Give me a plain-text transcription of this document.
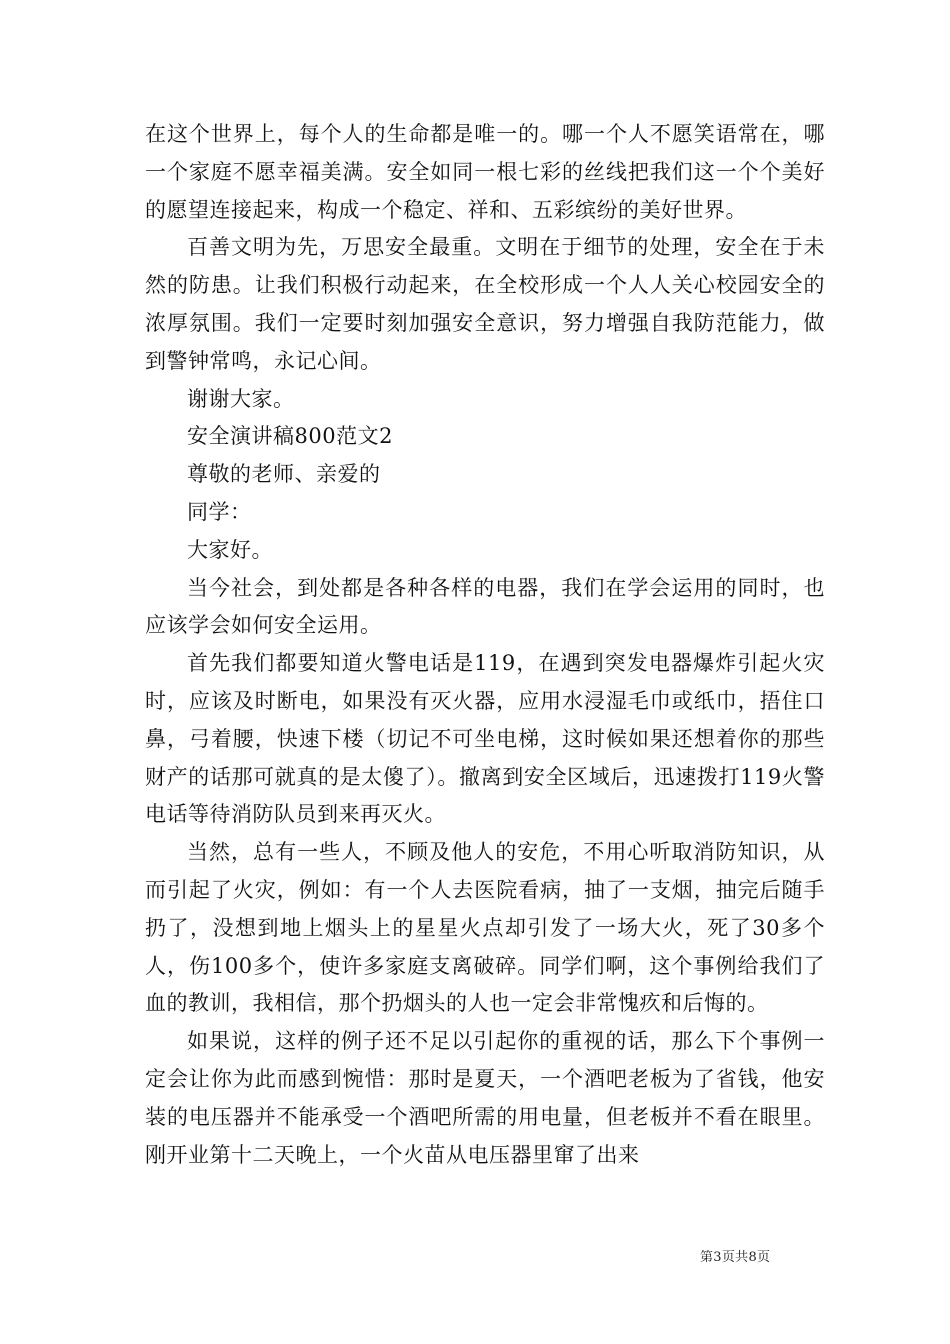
在这个世界上，每个人的生命都是唯一的。哪一个人不愿笑语常在，哪一个家庭不愿幸福美满。安全如同一根七彩的丝线把我们这一个个美好的愿望连接起来，构成一个稳定、祥和、五彩缤纷的美好世界。

百善文明为先，万思安全最重。文明在于细节的处理，安全在于未然的防患。让我们积极行动起来，在全校形成一个人人关心校园安全的浓厚氛围。我们一定要时刻加强安全意识，努力增强自我防范能力，做到警钟常鸣，永记心间。

谢谢大家。

安全演讲稿800范文2

尊敬的老师、亲爱的

同学：

大家好。

当今社会，到处都是各种各样的电器，我们在学会运用的同时，也应该学会如何安全运用。

首先我们都要知道火警电话是119，在遇到突发电器爆炸引起火灾时，应该及时断电，如果没有灭火器，应用水浸湿毛巾或纸巾，捂住口鼻，弓着腰，快速下楼（切记不可坐电梯，这时候如果还想着你的那些财产的话那可就真的是太傻了）。撤离到安全区域后，迅速拨打119火警电话等待消防队员到来再灭火。

当然，总有一些人，不顾及他人的安危，不用心听取消防知识，从而引起了火灾，例如：有一个人去医院看病，抽了一支烟，抽完后随手扔了，没想到地上烟头上的星星火点却引发了一场大火，死了30多个人，伤100多个，使许多家庭支离破碎。同学们啊，这个事例给我们了血的教训，我相信，那个扔烟头的人也一定会非常愧疚和后悔的。

如果说，这样的例子还不足以引起你的重视的话，那么下个事例一定会让你为此而感到惋惜：那时是夏天，一个酒吧老板为了省钱，他安装的电压器并不能承受一个酒吧所需的用电量，但老板并不看在眼里。刚开业第十二天晚上，一个火苗从电压器里窜了出来

第3页共8页
